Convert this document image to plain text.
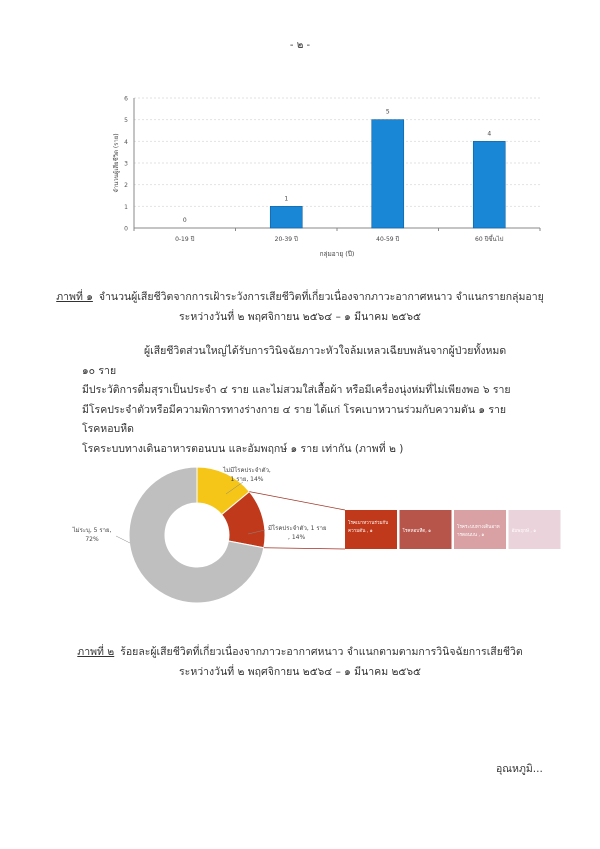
- ๒ -
0
1
2
3
4
5
6
0
0-19 ปี
1
20-39 ปี
5
40-59 ปี
4
60 ปีขึ้นไป
กลุ่มอายุ (ปี)
จำนวนผู้เสียชีวิต (ราย)
ภาพที่ ๑ จำนวนผู้เสียชีวิตจากการเฝ้าระวังการเสียชีวิตที่เกี่ยวเนื่องจากภาวะอากาศหนาว จำแนกรายกลุ่มอายุ
ระหว่างวันที่ ๒ พฤศจิกายน ๒๕๖๔ – ๑ มีนาคม ๒๕๖๕
ผู้เสียชีวิตส่วนใหญ่ได้รับการวินิจฉัยภาวะหัวใจล้มเหลวเฉียบพลันจากผู้ป่วยทั้งหมด ๑๐ ราย
มีประวัติการดื่มสุราเป็นประจำ ๔ ราย และไม่สวมใส่เสื้อผ้า หรือมีเครื่องนุ่งห่มที่ไม่เพียงพอ ๖ ราย
มีโรคประจำตัวหรือมีความพิการทางร่างกาย ๔ ราย ได้แก่ โรคเบาหวานร่วมกับความดัน ๑ ราย โรคหอบหืด
โรคระบบทางเดินอาหารตอนบน และอัมพฤกษ์ ๑ ราย เท่ากัน (ภาพที่ ๒ )
ไม่มีโรคประจำตัว, 1 ราย, 14%
มีโรคประจำตัว, 1 ราย, 14%
ไม่ระบุ, 5 ราย, 72%
โรคเบาหวานร่วมกับความดัน , ๑	โรคหอบหืด, ๑
โรคระบบทางเดินอาหารตอนบน , ๑
อัมพฤกษ์ , ๑
ภาพที่ ๒ ร้อยละผู้เสียชีวิตที่เกี่ยวเนื่องจากภาวะอากาศหนาว จำแนกตามตามการวินิจฉัยการเสียชีวิต
ระหว่างวันที่ ๒ พฤศจิกายน ๒๕๖๔ – ๑ มีนาคม ๒๕๖๕
อุณหภูมิ...
